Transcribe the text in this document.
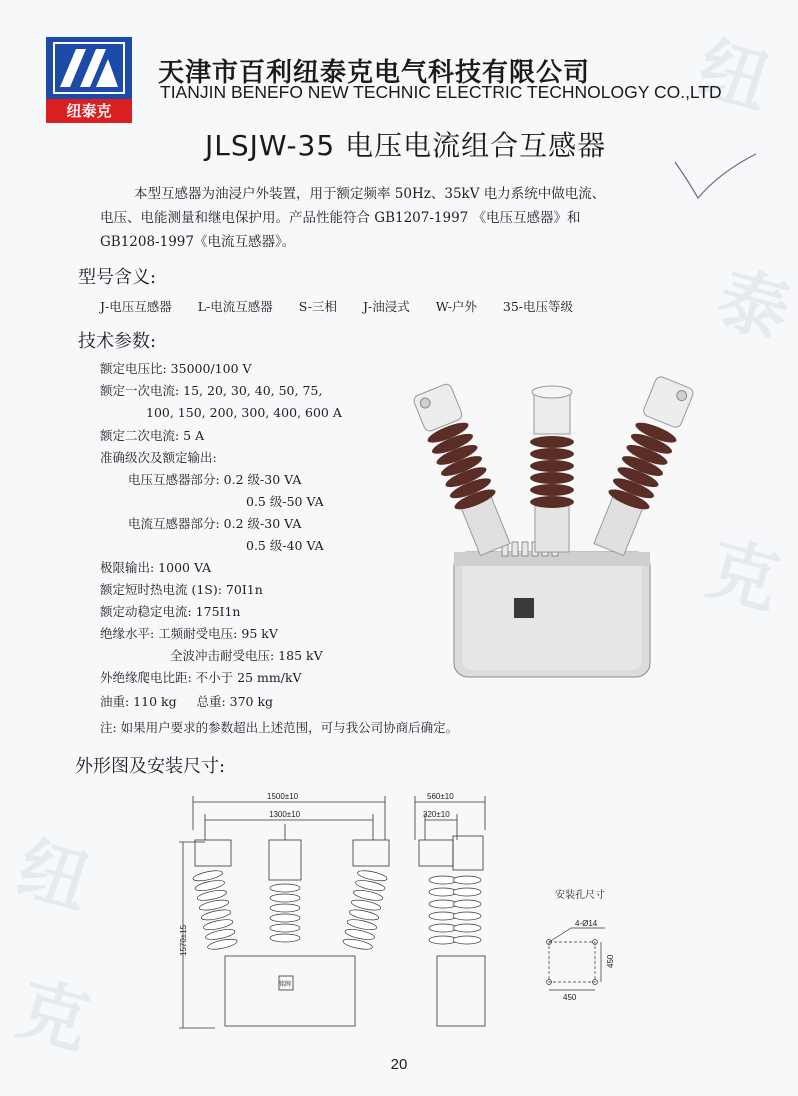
纽
泰
克
纽
克
纽泰克
天津市百利纽泰克电气科技有限公司
TIANJIN BENEFO NEW TECHNIC ELECTRIC TECHNOLOGY CO.,LTD
JLSJW-35 电压电流组合互感器

本型互感器为油浸户外装置，用于额定频率 50Hz、35kV 电力系统中做电流、

电压、电能测量和继电保护用。产品性能符合 GB1207-1997 《电压互感器》和

GB1208-1997《电流互感器》。

型号含义:
J-电压互感器 L-电流互感器 S-三相 J-油浸式 W-户外 35-电压等级
技术参数:
额定电压比: 35000/100 V
额定一次电流: 15, 20, 30, 40, 50, 75,
100, 150, 200, 300, 400, 600 A
额定二次电流: 5 A
准确级次及额定输出:
电压互感器部分: 0.2 级-30 VA
0.5 级-50 VA
电流互感器部分: 0.2 级-30 VA
0.5 级-40 VA
极限输出: 1000 VA
额定短时热电流 (1S): 70I1n
额定动稳定电流: 175I1n
绝缘水平: 工频耐受电压: 95 kV
全波冲击耐受电压: 185 kV
外绝缘爬电比距: 不小于 25 mm/kV
油重: 110 kg     总重: 370 kg
注: 如果用户要求的参数超出上述范围，可与我公司协商后确定。
外形图及安装尺寸:
1500±10
1300±10
1570±15
560±10
320±10
铭牌
安装孔尺寸
4-Ø14
450
450
20
